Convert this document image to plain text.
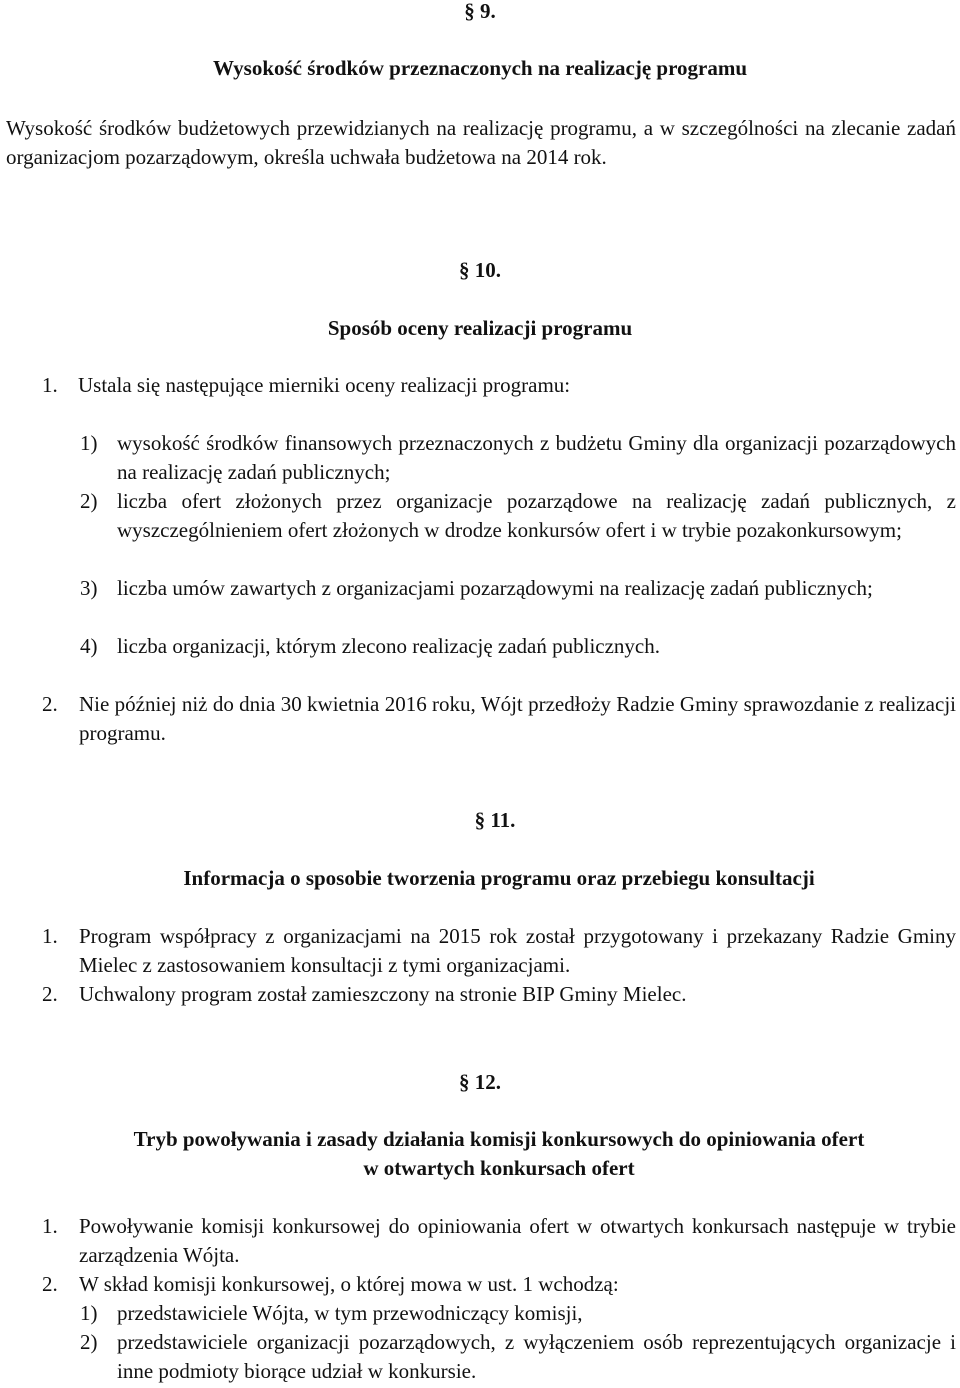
§ 9.
Wysokość środków przeznaczonych na realizację programu
Wysokość środków budżetowych przewidzianych na realizację programu, a w szczególności na zlecanie zadań organizacjom pozarządowym, określa uchwała budżetowa na 2014 rok.
§ 10.
Sposób oceny realizacji programu
1. Ustala się następujące mierniki oceny realizacji programu:
1) wysokość środków finansowych przeznaczonych z budżetu Gminy dla organizacji pozarządowych na realizację zadań publicznych;
2) liczba ofert złożonych przez organizacje pozarządowe na realizację zadań publicznych, z wyszczególnieniem ofert złożonych w drodze konkursów ofert i w trybie pozakonkursowym;
3) liczba umów zawartych z organizacjami pozarządowymi na realizację zadań publicznych;
4) liczba organizacji, którym zlecono realizację zadań publicznych.
2. Nie później niż do dnia 30 kwietnia 2016 roku, Wójt przedłoży Radzie Gminy sprawozdanie z realizacji programu.
§ 11.
Informacja o sposobie tworzenia programu oraz przebiegu konsultacji
1. Program współpracy z organizacjami na 2015 rok został przygotowany i przekazany Radzie Gminy Mielec z zastosowaniem konsultacji z tymi organizacjami.
2. Uchwalony program został zamieszczony na stronie BIP Gminy Mielec.
§ 12.
Tryb powoływania i zasady działania komisji konkursowych do opiniowania ofert
w otwartych konkursach ofert
1. Powoływanie komisji konkursowej do opiniowania ofert w otwartych konkursach następuje w trybie zarządzenia Wójta.
2. W skład komisji konkursowej, o której mowa w ust. 1 wchodzą:
1) przedstawiciele Wójta, w tym przewodniczący komisji,
2) przedstawiciele organizacji pozarządowych, z wyłączeniem osób reprezentujących organizacje i inne podmioty biorące udział w konkursie.
